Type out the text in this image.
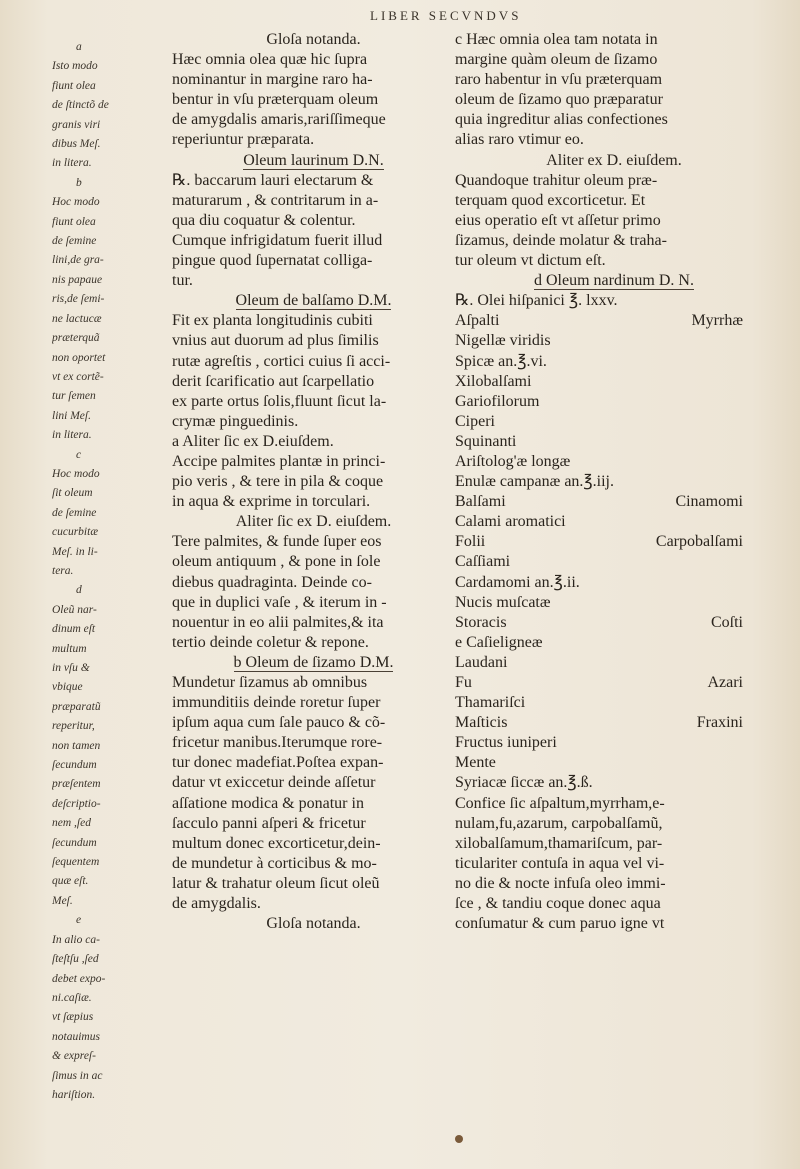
LIBER SECVNDVS
a
Isto modo
fiunt olea
de ſtinctõ de
granis viri
dibus Meſ.
in litera.
b
Hoc modo
fiunt olea
de ſemine
lini,de gra-
nis papaue
ris,de ſemi-
ne lactucæ
præterquã
non oportet
vt ex cortẽ-
tur ſemen
lini Meſ.
in litera.
c
Hoc modo
ſit oleum
de ſemine
cucurbitæ
Meſ. in li-
tera.
d
Oleũ nar-
dinum eſt
multum
in vſu &
vbique
præparatũ
reperitur,
non tamen
ſecundum
præſentem
deſcriptio-
nem ,ſed
ſecundum
ſequentem
quæ eſt.
Meſ.
e
In alio ca-
ſteſtſu ,ſed
debet expo-
ni.caſiæ.
vt ſæpius
notauimus
& expreſ-
ſimus in ac
hariſtion.
Gloſa notanda.
Hæc omnia olea quæ hic ſupra
nominantur in margine raro ha-
bentur in vſu præterquam oleum
de amygdalis amaris,rariſſimeque
reperiuntur præparata.
Oleum laurinum D.N.
℞. baccarum lauri electarum &
maturarum , & contritarum in a-
qua diu coquatur & colentur.
Cumque infrigidatum fuerit illud
pingue quod ſupernatat colliga-
tur.
Oleum de balſamo D.M.
Fit ex planta longitudinis cubiti
vnius aut duorum ad plus ſimilis
rutæ agreſtis , cortici cuius ſi acci-
derit ſcarificatio aut ſcarpellatio
ex parte ortus ſolis,fluunt ſicut la-
crymæ pinguedinis.
a Aliter ſic ex D.eiuſdem.
Accipe palmites plantæ in princi-
pio veris , & tere in pila & coque
in aqua & exprime in torculari.
Aliter ſic ex D. eiuſdem.
Tere palmites, & funde ſuper eos
oleum antiquum , & pone in ſole
diebus quadraginta. Deinde co-
que in duplici vaſe , & iterum in -
nouentur in eo alii palmites,& ita
tertio deinde coletur & repone.
b Oleum de ſizamo D.M.
Mundetur ſizamus ab omnibus
immunditiis deinde roretur ſuper
ipſum aqua cum ſale pauco & cõ-
fricetur manibus.Iterumque rore-
tur donec madefiat.Poſtea expan-
datur vt exiccetur deinde aſſetur
aſſatione modica & ponatur in
ſacculo panni aſperi & fricetur
multum donec excorticetur,dein-
de mundetur à corticibus & mo-
latur & trahatur oleum ſicut oleũ
de amygdalis.
Gloſa notanda.
c Hæc omnia olea tam notata in
margine quàm oleum de ſizamo
raro habentur in vſu præterquam
oleum de ſizamo quo præparatur
quia ingreditur alias confectiones
alias raro vtimur eo.
Aliter ex D. eiuſdem.
Quandoque trahitur oleum præ-
terquam quod excorticetur. Et
eius operatio eſt vt aſſetur primo
ſizamus, deinde molatur & traha-
tur oleum vt dictum eſt.
d Oleum nardinum D. N.
℞. Olei hiſpanici ℥. lxxv.
Aſpalti	Myrrhæ
Nigellæ viridis
Spicæ an.℥.vi.
Xilobalſami
Gariofilorum
Ciperi
Squinanti
Ariſtolog'æ longæ
Enulæ campanæ an.℥.iij.
Balſami	Cinamomi
Calami aromatici
Folii	Carpobalſami
Caſſiami
Cardamomi an.℥.ii.
Nucis muſcatæ
Storacis	Coſti
e Caſieligneæ
Laudani
Fu	Azari
Thamariſci
Maſticis	Fraxini
Fructus iuniperi
Mente
Syriacæ ſiccæ an.℥.ß.
Confice ſic aſpaltum,myrrham,e-
nulam,fu,azarum, carpobalſamũ,
xilobalſamum,thamariſcum, par-
ticulariter contuſa in aqua vel vi-
no die & nocte infuſa oleo immi-
ſce , & tandiu coque donec aqua
conſumatur & cum paruo igne vt
